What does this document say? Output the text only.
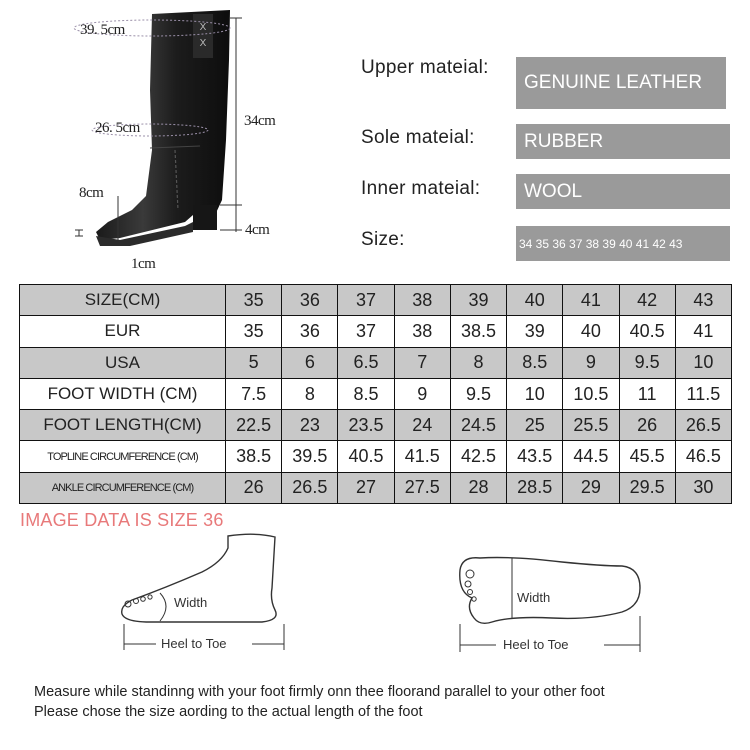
X
X
39. 5cm
26. 5cm	34cm
4cm
8cm
1cm
Upper mateial:
GENUINE LEATHER
Sole mateial:	RUBBER
Inner mateial:	WOOL
Size:	34 35 36 37 38 39 40 41 42 43
SIZE(CM)	35	36	37	38	39	40	41	42	43
EUR	35	36	37	38	38.5	39	40	40.5	41
USA	5	6	6.5	7	8	8.5	9	9.5	10
FOOT WIDTH (CM)	7.5	8	8.5	9	9.5	10	10.5	11	11.5
FOOT LENGTH(CM)	22.5	23	23.5	24	24.5	25	25.5	26	26.5
TOPLINE CIRCUMFERENCE (CM)	38.5	39.5	40.5	41.5	42.5	43.5	44.5	45.5	46.5
ANKLE CIRCUMFERENCE (CM)	26	26.5	27	27.5	28	28.5	29	29.5	30
IMAGE DATA IS SIZE 36
Width
Heel to Toe
Width
Heel to Toe
Measure while standinng with your foot firmly onn thee floorand parallel to your other foot
Please chose the size aording to the actual length of the foot
